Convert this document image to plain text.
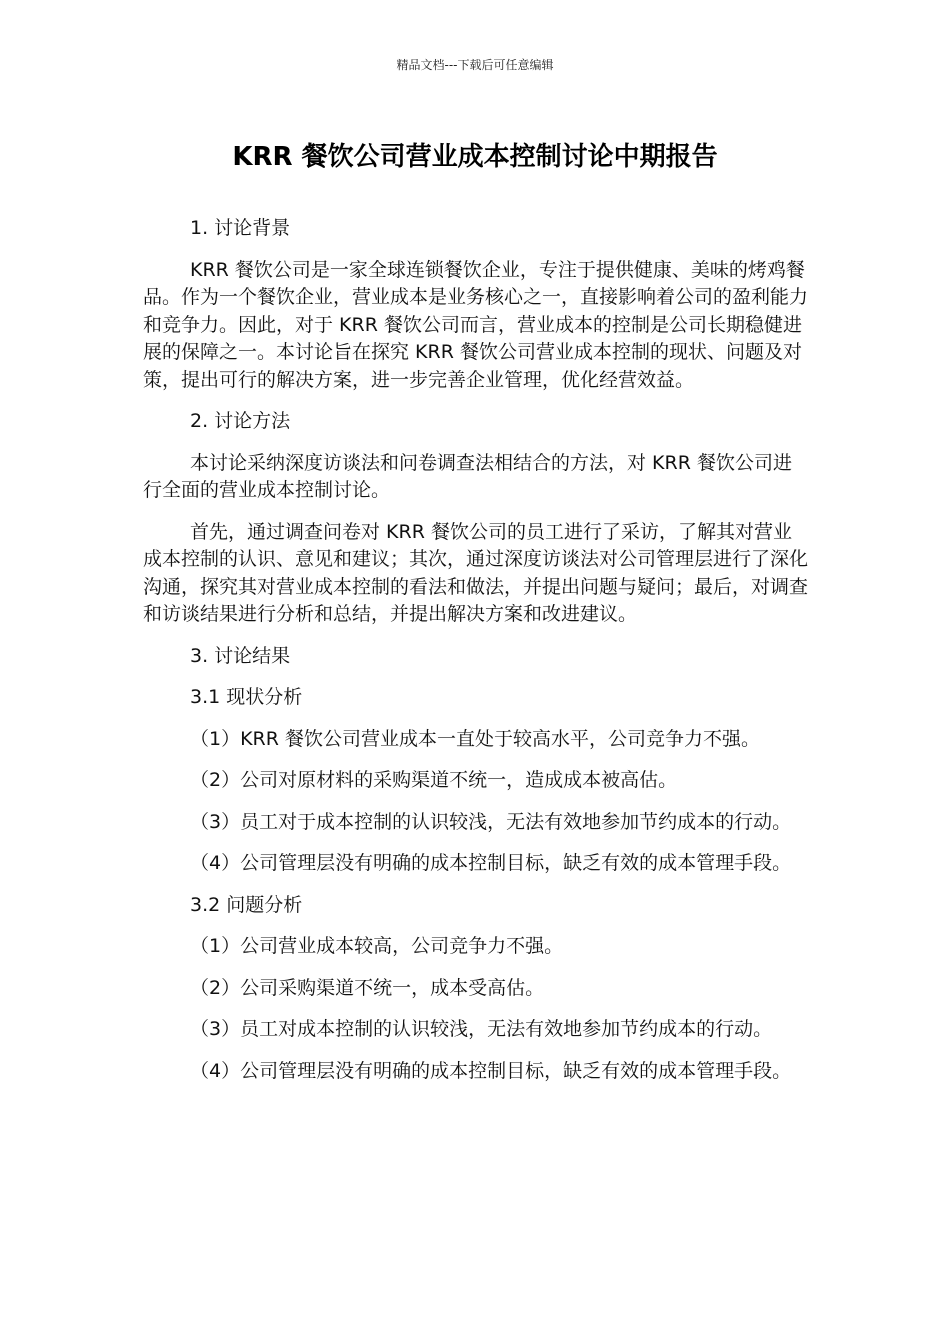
精品文档---下载后可任意编辑
KRR 餐饮公司营业成本控制讨论中期报告

1. 讨论背景

KRR 餐饮公司是一家全球连锁餐饮企业，专注于提供健康、美味的烤鸡餐品。作为一个餐饮企业，营业成本是业务核心之一，直接影响着公司的盈利能力和竞争力。因此，对于 KRR 餐饮公司而言，营业成本的控制是公司长期稳健进展的保障之一。本讨论旨在探究 KRR 餐饮公司营业成本控制的现状、问题及对策，提出可行的解决方案，进一步完善企业管理，优化经营效益。

2. 讨论方法

本讨论采纳深度访谈法和问卷调查法相结合的方法，对 KRR 餐饮公司进行全面的营业成本控制讨论。

首先，通过调查问卷对 KRR 餐饮公司的员工进行了采访，了解其对营业成本控制的认识、意见和建议；其次，通过深度访谈法对公司管理层进行了深化沟通，探究其对营业成本控制的看法和做法，并提出问题与疑问；最后，对调查和访谈结果进行分析和总结，并提出解决方案和改进建议。

3. 讨论结果

3.1 现状分析

（1）KRR 餐饮公司营业成本一直处于较高水平，公司竞争力不强。

（2）公司对原材料的采购渠道不统一，造成成本被高估。

（3）员工对于成本控制的认识较浅，无法有效地参加节约成本的行动。

（4）公司管理层没有明确的成本控制目标，缺乏有效的成本管理手段。

3.2 问题分析

（1）公司营业成本较高，公司竞争力不强。

（2）公司采购渠道不统一，成本受高估。

（3）员工对成本控制的认识较浅，无法有效地参加节约成本的行动。

（4）公司管理层没有明确的成本控制目标，缺乏有效的成本管理手段。
